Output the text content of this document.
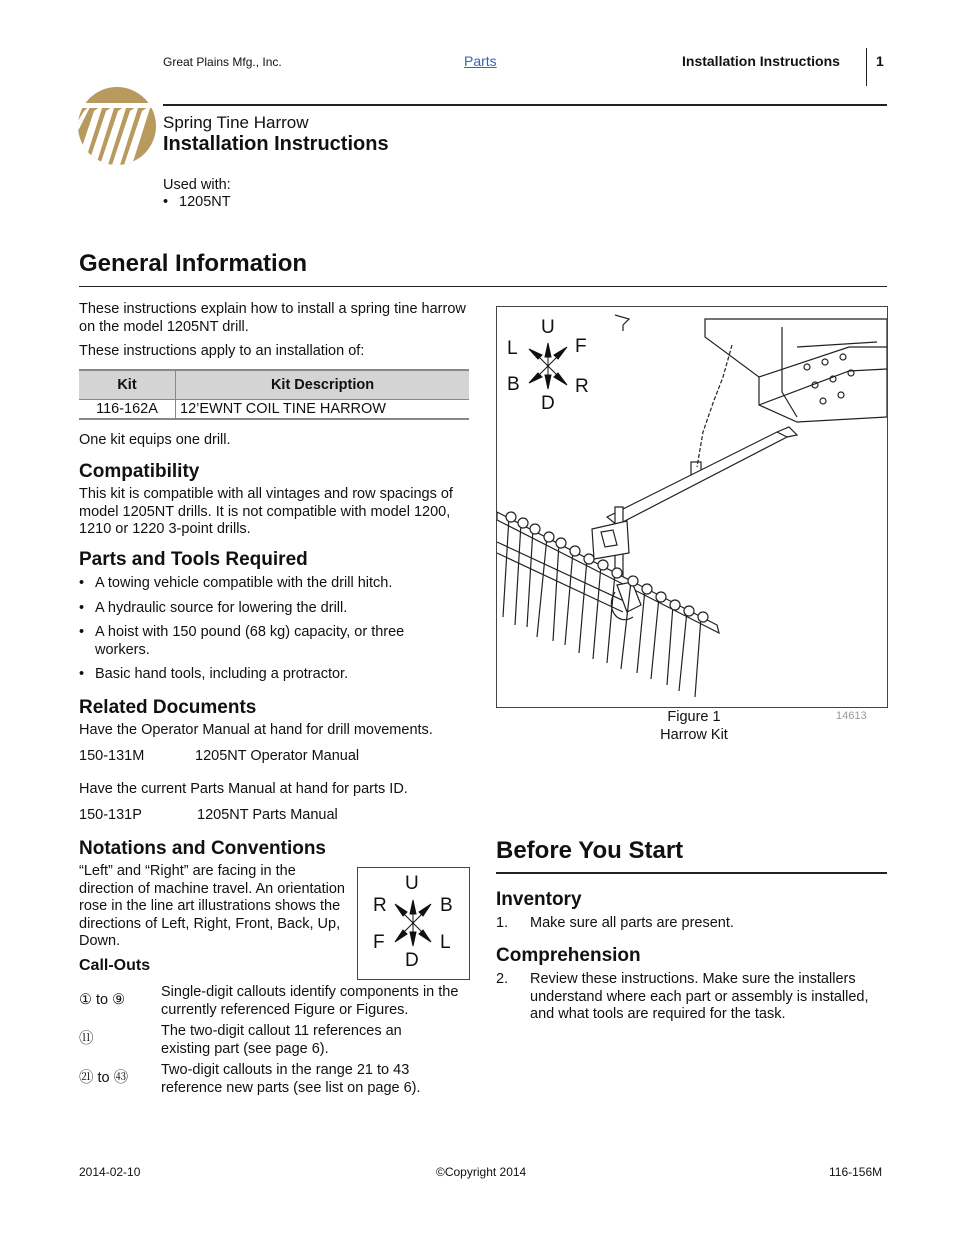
Great Plains Mfg., Inc.	Parts	Installation Instructions	1
Spring Tine Harrow
Installation Instructions
Used with:
• 1205NT
General Information

These instructions explain how to install a spring tine harrow on the model 1205NT drill.

These instructions apply to an installation of:

Kit	Kit Description
116-162A	12’EWNT COIL TINE HARROW

One kit equips one drill.

Compatibility

This kit is compatible with all vintages and row spacings of model 1205NT drills. It is not compatible with model 1200, 1210 or 1220 3-point drills.

Parts and Tools Required
• A towing vehicle compatible with the drill hitch.
• A hydraulic source for lowering the drill.
• A hoist with 150 pound (68 kg) capacity, or three workers.
• Basic hand tools, including a protractor.
Related Documents

Have the Operator Manual at hand for drill movements.

150-131M	1205NT Operator Manual

Have the current Parts Manual at hand for parts ID.

150-131P	1205NT Parts Manual

Notations and Conventions

“Left” and “Right” are facing in the direction of machine travel. An orientation rose in the line art illustrations shows the directions of Left, Right, Front, Back, Up, Down.

U
R	B
F	L
D
Call-Outs
① to ⑨ Single-digit callouts identify components in the currently referenced Figure or Figures.
⑪	The two-digit callout 11 references an existing part (see page 6).
㉑ to ㊸ Two-digit callouts in the range 21 to 43 reference new parts (see list on page 6).
U
L	F
B	R
D
Figure 1
Harrow Kit
14613
Before You Start
Inventory

1. Make sure all parts are present.

Comprehension

2. Review these instructions. Make sure the installers understand where each part or assembly is installed, and what tools are required for the task.

2014-02-10	©Copyright 2014	116-156M
